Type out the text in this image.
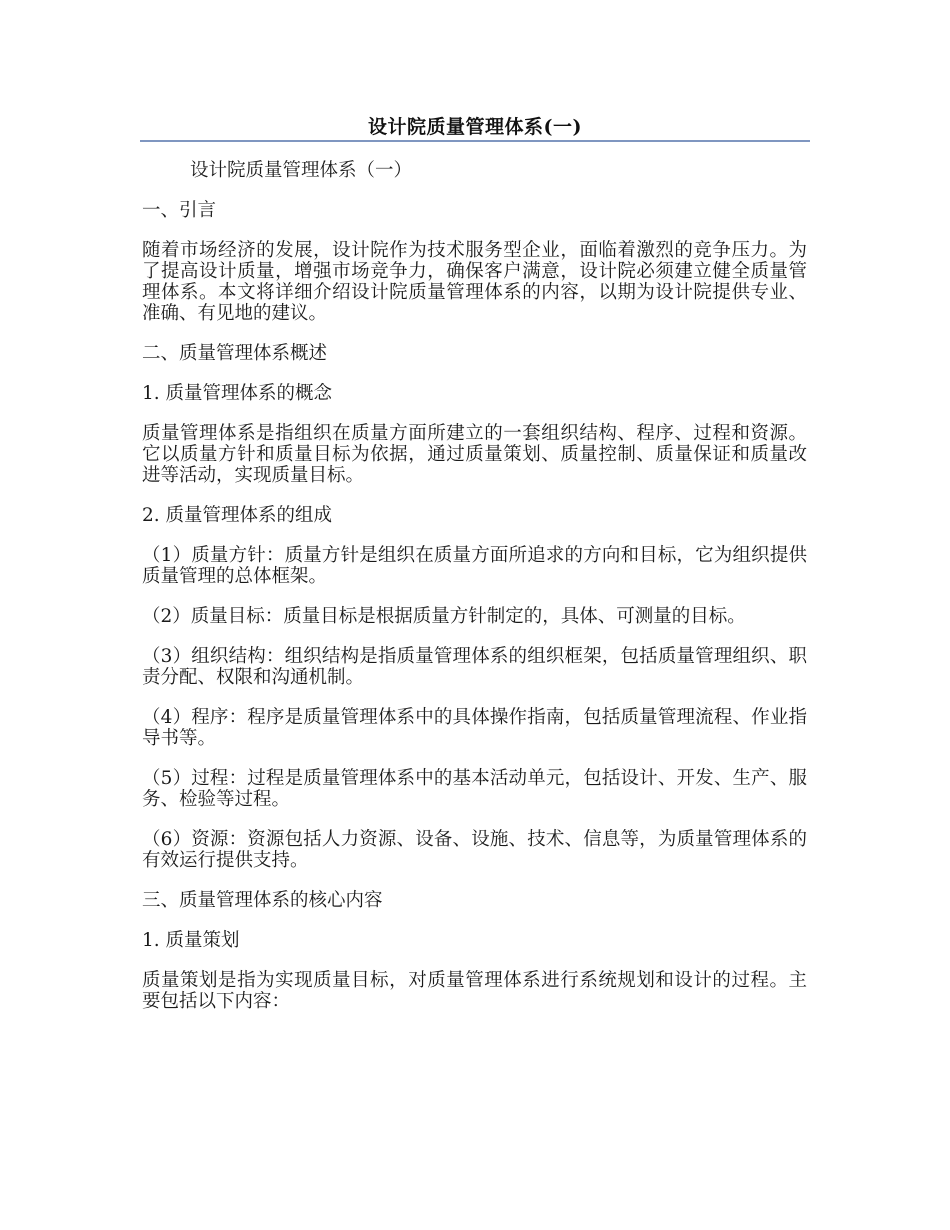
设计院质量管理体系(一)

设计院质量管理体系（一）

一、引言

随着市场经济的发展，设计院作为技术服务型企业，面临着激烈的竞争压力。为了提高设计质量，增强市场竞争力，确保客户满意，设计院必须建立健全质量管理体系。本文将详细介绍设计院质量管理体系的内容，以期为设计院提供专业、准确、有见地的建议。

二、质量管理体系概述

1. 质量管理体系的概念

质量管理体系是指组织在质量方面所建立的一套组织结构、程序、过程和资源。它以质量方针和质量目标为依据，通过质量策划、质量控制、质量保证和质量改进等活动，实现质量目标。

2. 质量管理体系的组成

（1）质量方针：质量方针是组织在质量方面所追求的方向和目标，它为组织提供质量管理的总体框架。

（2）质量目标：质量目标是根据质量方针制定的，具体、可测量的目标。

（3）组织结构：组织结构是指质量管理体系的组织框架，包括质量管理组织、职责分配、权限和沟通机制。

（4）程序：程序是质量管理体系中的具体操作指南，包括质量管理流程、作业指导书等。

（5）过程：过程是质量管理体系中的基本活动单元，包括设计、开发、生产、服务、检验等过程。

（6）资源：资源包括人力资源、设备、设施、技术、信息等，为质量管理体系的有效运行提供支持。

三、质量管理体系的核心内容

1. 质量策划

质量策划是指为实现质量目标，对质量管理体系进行系统规划和设计的过程。主要包括以下内容：
